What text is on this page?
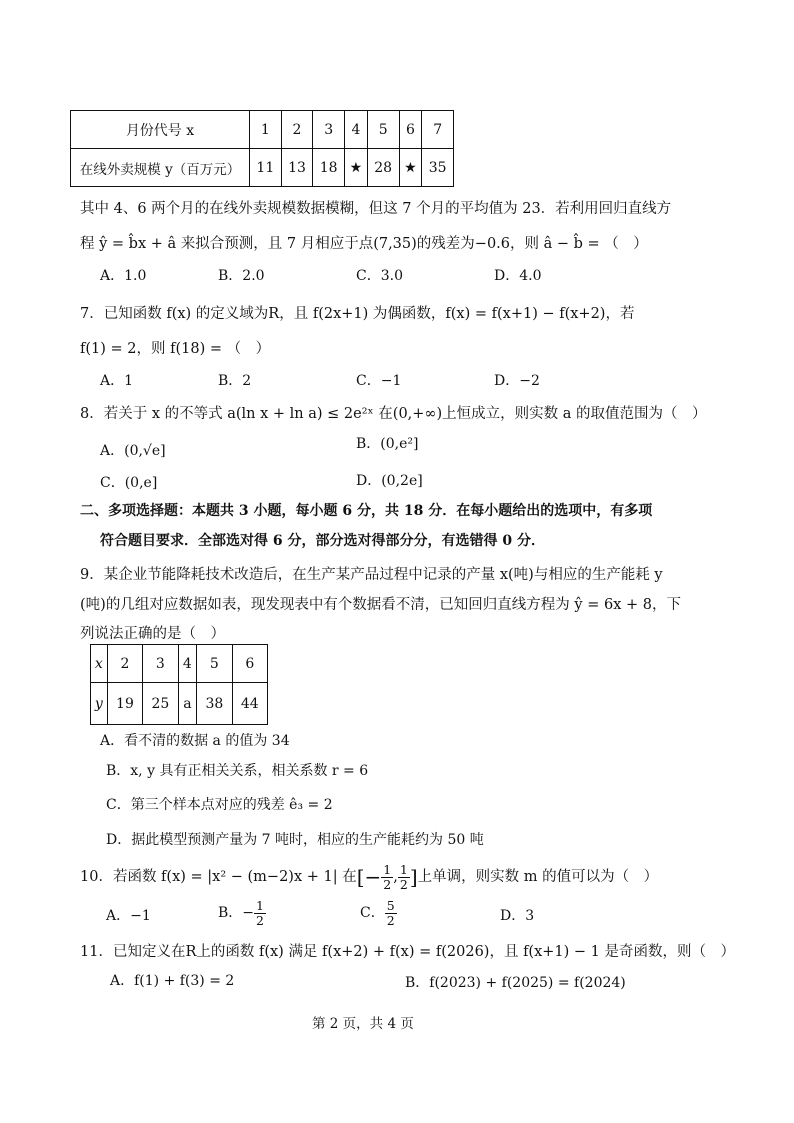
月份代号 x	1	2	3	4	5	6	7
在线外卖规模 y（百万元）	11	13	18	★	28	★	35
其中 4、6 两个月的在线外卖规模数据模糊，但这 7 个月的平均值为 23．若利用回归直线方
程 ŷ = b̂x + â 来拟合预测，且 7 月相应于点(7,35)的残差为−0.6，则 â − b̂ = （　）
A．1.0	B．2.0	C．3.0	D．4.0
7．已知函数 f(x) 的定义域为R，且 f(2x+1) 为偶函数，f(x) = f(x+1) − f(x+2)，若
f(1) = 2，则 f(18) = （　）
A．1	B．2	C．−1	D．−2
8．若关于 x 的不等式 a(ln x + ln a) ≤ 2e²ˣ 在(0,+∞)上恒成立，则实数 a 的取值范围为（　）
A．(0,√e]	B．(0,e²]
C．(0,e]	D．(0,2e]
二、多项选择题：本题共 3 小题，每小题 6 分，共 18 分．在每小题给出的选项中，有多项
符合题目要求．全部选对得 6 分，部分选对得部分分，有选错得 0 分．
9．某企业节能降耗技术改造后，在生产某产品过程中记录的产量 x(吨)与相应的生产能耗 y
(吨)的几组对应数据如表，现发现表中有个数据看不清，已知回归直线方程为 ŷ = 6x + 8，下
列说法正确的是（　）
x	2	3	4	5	6
y	19	25	a	38	44
A．看不清的数据 a 的值为 34
B．x, y 具有正相关关系，相关系数 r = 6
C．第三个样本点对应的残差 ê₃ = 2
D．据此模型预测产量为 7 吨时，相应的生产能耗约为 50 吨
10．若函数 f(x) = |x² − (m−2)x + 1| 在[− $\frac{1}{2}$ , $\frac{1}{2}$ ]上单调，则实数 m 的值可以为（　）
A．−1	B．− $\frac{1}{2}$	C． $\frac{5}{2}$	D．3
11．已知定义在R上的函数 f(x) 满足 f(x+2) + f(x) = f(2026)，且 f(x+1) − 1 是奇函数，则（　）
A．f(1) + f(3) = 2	B．f(2023) + f(2025) = f(2024)
第 2 页，共 4 页
